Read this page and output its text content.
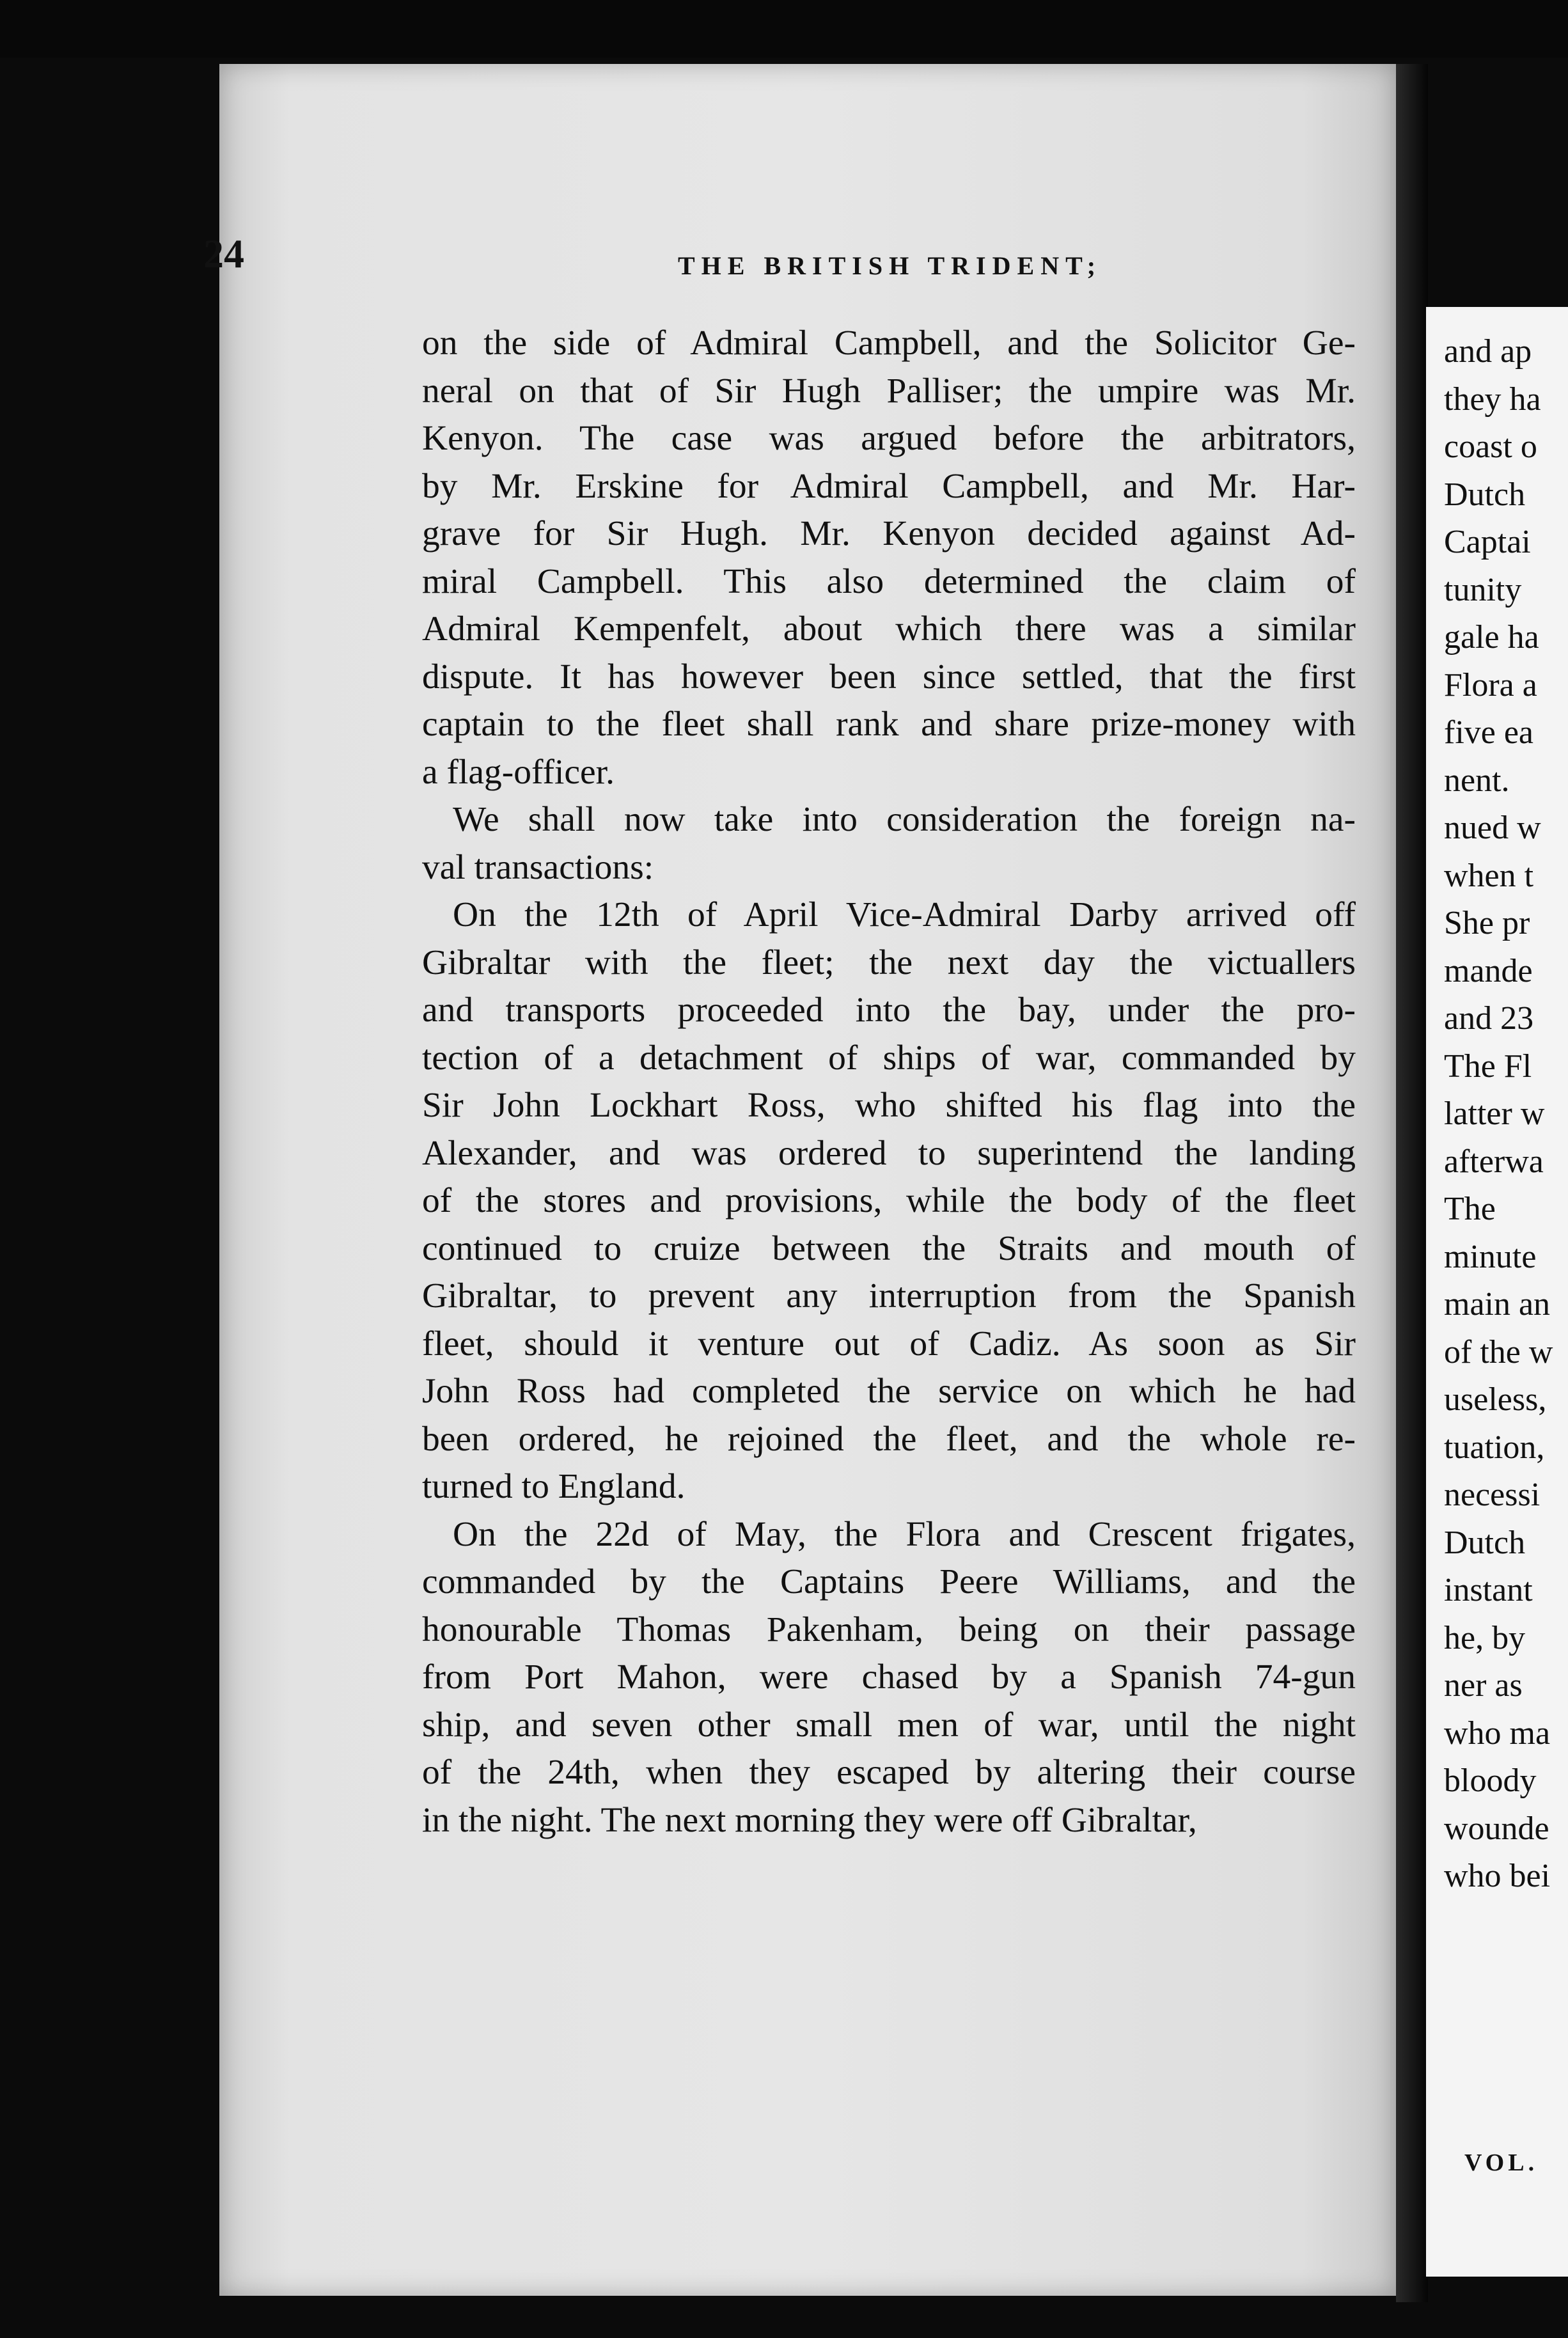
24	THE BRITISH TRIDENT;
on the side of Admiral Campbell, and the Solicitor Ge-
neral on that of Sir Hugh Palliser; the umpire was Mr.
Kenyon. The case was argued before the arbitrators,
by Mr. Erskine for Admiral Campbell, and Mr. Har-
grave for Sir Hugh. Mr. Kenyon decided against Ad-
miral Campbell. This also determined the claim of
Admiral Kempenfelt, about which there was a similar
dispute. It has however been since settled, that the first
captain to the fleet shall rank and share prize-money with
a flag-officer.
We shall now take into consideration the foreign na-
val transactions:
On the 12th of April Vice-Admiral Darby arrived off
Gibraltar with the fleet; the next day the victuallers
and transports proceeded into the bay, under the pro-
tection of a detachment of ships of war, commanded by
Sir John Lockhart Ross, who shifted his flag into the
Alexander, and was ordered to superintend the landing
of the stores and provisions, while the body of the fleet
continued to cruize between the Straits and mouth of
Gibraltar, to prevent any interruption from the Spanish
fleet, should it venture out of Cadiz. As soon as Sir
John Ross had completed the service on which he had
been ordered, he rejoined the fleet, and the whole re-
turned to England.
On the 22d of May, the Flora and Crescent frigates,
commanded by the Captains Peere Williams, and the
honourable Thomas Pakenham, being on their passage
from Port Mahon, were chased by a Spanish 74-gun
ship, and seven other small men of war, until the night
of the 24th, when they escaped by altering their course
in the night. The next morning they were off Gibraltar,
VOL.
and ap
they ha
coast o
Dutch
Captai
tunity
gale ha
Flora a
five ea
nent.
nued w
when t
She pr
mande
and 23
The Fl
latter w
afterwa
The
minute
main an
of the w
useless,
tuation,
necessi
Dutch
instant
he, by
ner as
who ma
bloody
wounde
who bei
